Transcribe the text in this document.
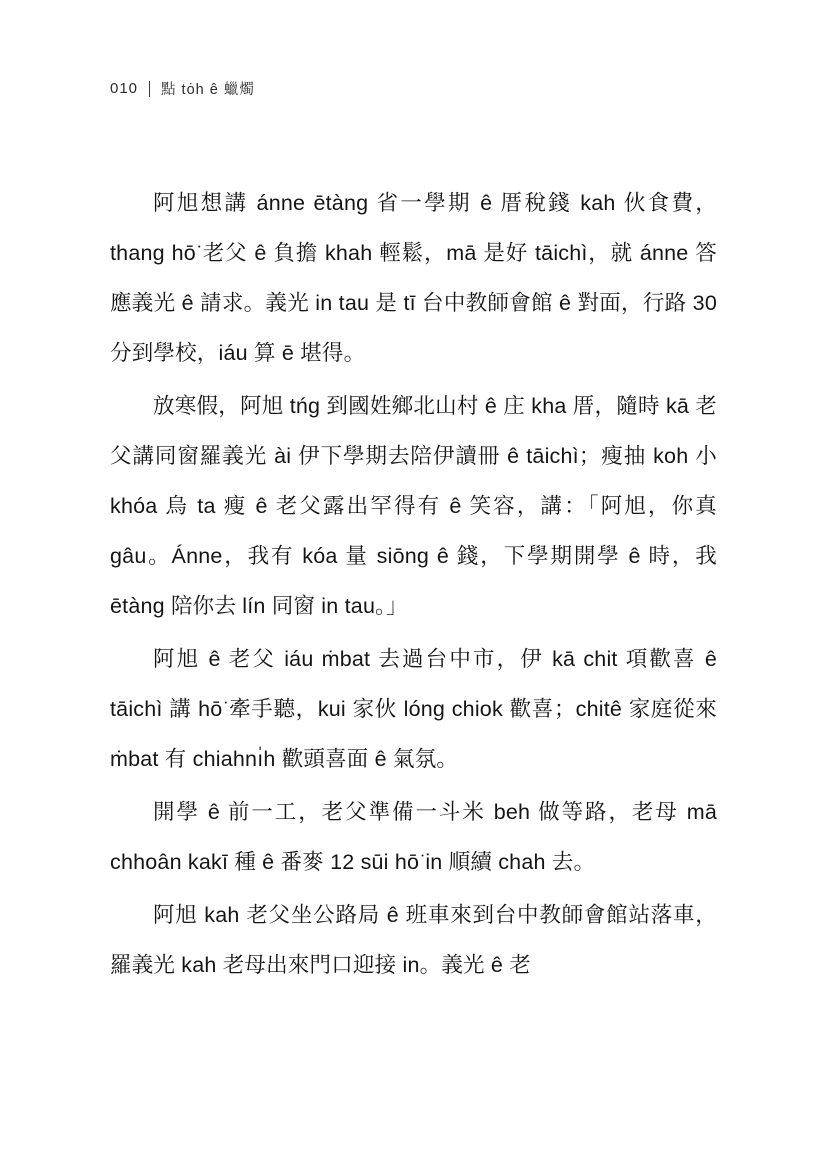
010 點 tȯh ê 蠟燭

阿旭想講 ánne ētàng 省一學期 ê 厝稅錢 kah 伙食費，thang hō͘ 老父 ê 負擔 khah 輕鬆，mā 是好 tāichì，就 ánne 答應義光 ê 請求。義光 in tau 是 tī 台中教師會館 ê 對面，行路 30 分到學校，iáu 算 ē 堪得。

放寒假，阿旭 tńg 到國姓鄉北山村 ê 庄 kha 厝，隨時 kā 老父講同窗羅義光 ài 伊下學期去陪伊讀冊 ê tāichì；瘦抽 koh 小 khóa 烏 ta 瘦 ê 老父露出罕得有 ê 笑容，講：「阿旭，你真 gâu。Ánne，我有 kóa 量 siōng ê 錢，下學期開學 ê 時，我 ētàng 陪你去 lín 同窗 in tau。」

阿旭 ê 老父 iáu ṁbat 去過台中市，伊 kā chit 項歡喜 ê tāichì 講 hō͘ 牽手聽，kui 家伙 lóng chiok 歡喜；chitê 家庭從來 ṁbat 有 chiahnı̍h 歡頭喜面 ê 氣氛。

開學 ê 前一工，老父準備一斗米 beh 做等路，老母 mā chhoân kakī 種 ê 番麥 12 sūi hō͘ in 順續 chah 去。

阿旭 kah 老父坐公路局 ê 班車來到台中教師會館站落車，羅義光 kah 老母出來門口迎接 in。義光 ê 老
